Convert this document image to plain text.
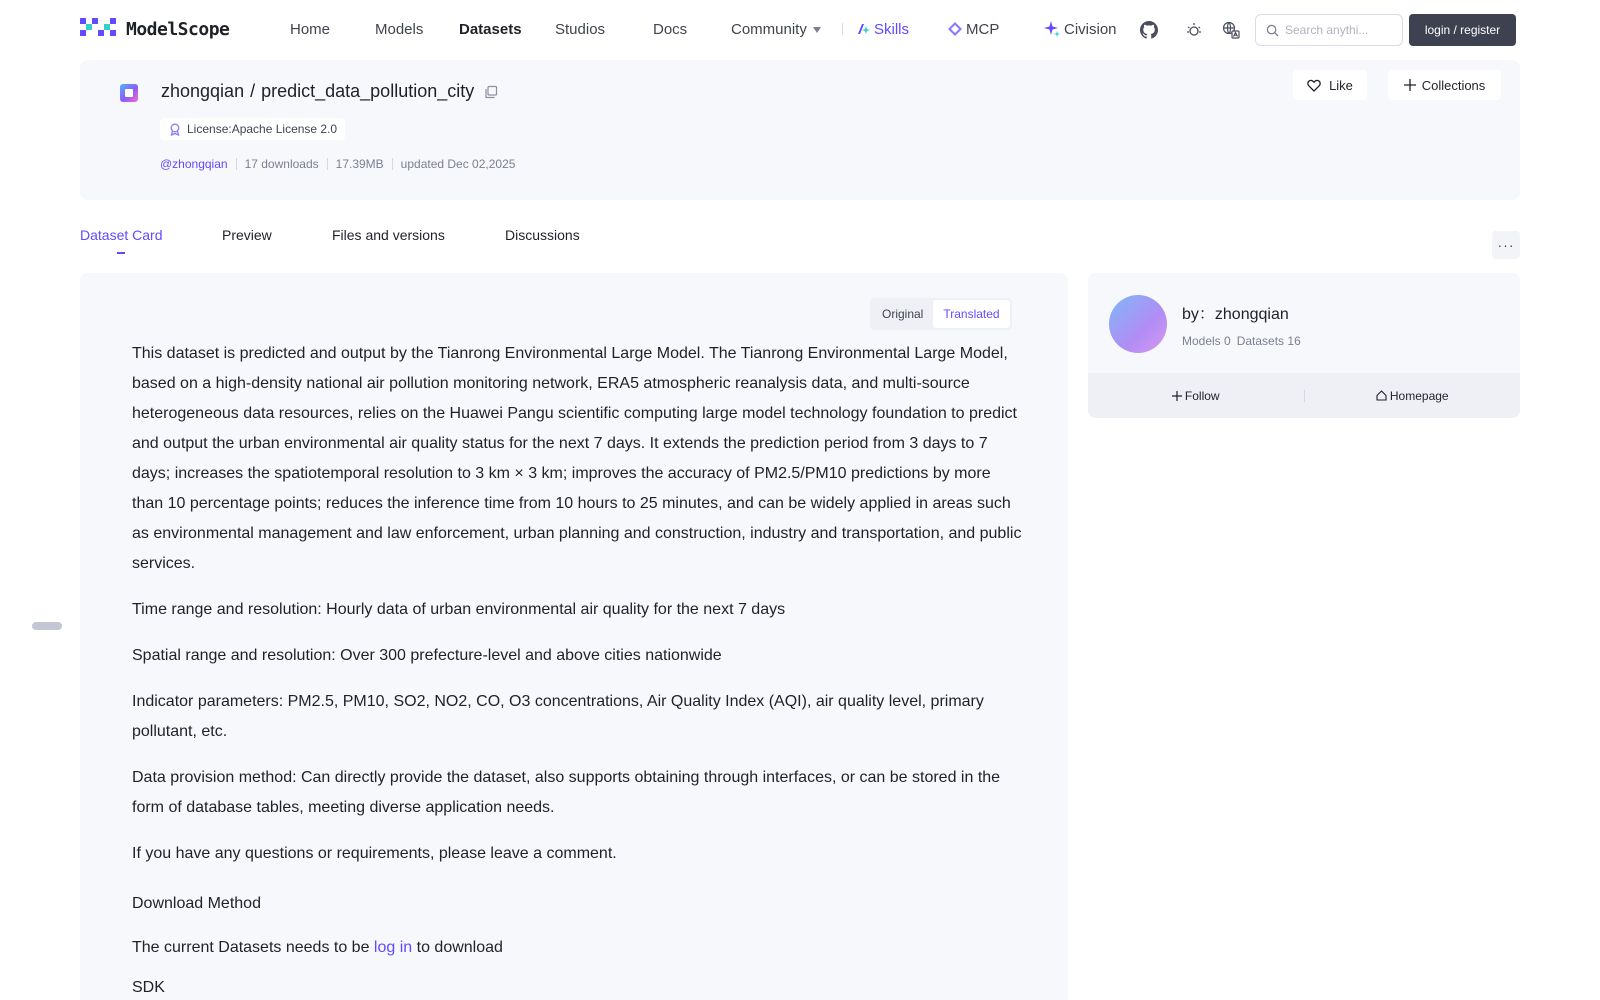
ModelScope	Home	Models Datasets Studios	Docs	Community	Skills	MCP	Civision
Search anythi...	login / register
zhongqian / predict_data_pollution_city
License:Apache License 2.0
@zhongqian 17 downloads 17.39MB updated Dec 02,2025
Like	Collections
Dataset Card	Preview	Files and versions	Discussions
···
Original	Translated

This dataset is predicted and output by the Tianrong Environmental Large Model. The Tianrong Environmental Large Model, based on a high-density national air pollution monitoring network, ERA5 atmospheric reanalysis data, and multi-source heterogeneous data resources, relies on the Huawei Pangu scientific computing large model technology foundation to predict and output the urban environmental air quality status for the next 7 days. It extends the prediction period from 3 days to 7 days; increases the spatiotemporal resolution to 3 km × 3 km; improves the accuracy of PM2.5/PM10 predictions by more than 10 percentage points; reduces the inference time from 10 hours to 25 minutes, and can be widely applied in areas such as environmental management and law enforcement, urban planning and construction, industry and transportation, and public services.

Time range and resolution: Hourly data of urban environmental air quality for the next 7 days

Spatial range and resolution: Over 300 prefecture-level and above cities nationwide

Indicator parameters: PM2.5, PM10, SO2, NO2, CO, O3 concentrations, Air Quality Index (AQI), air quality level, primary pollutant, etc.

Data provision method: Can directly provide the dataset, also supports obtaining through interfaces, or can be stored in the form of database tables, meeting diverse application needs.

If you have any questions or requirements, please leave a comment.

Download Method

The current Datasets needs to be log in to download

SDK

by：zhongqian
Models 0 Datasets 16
Follow	Homepage
